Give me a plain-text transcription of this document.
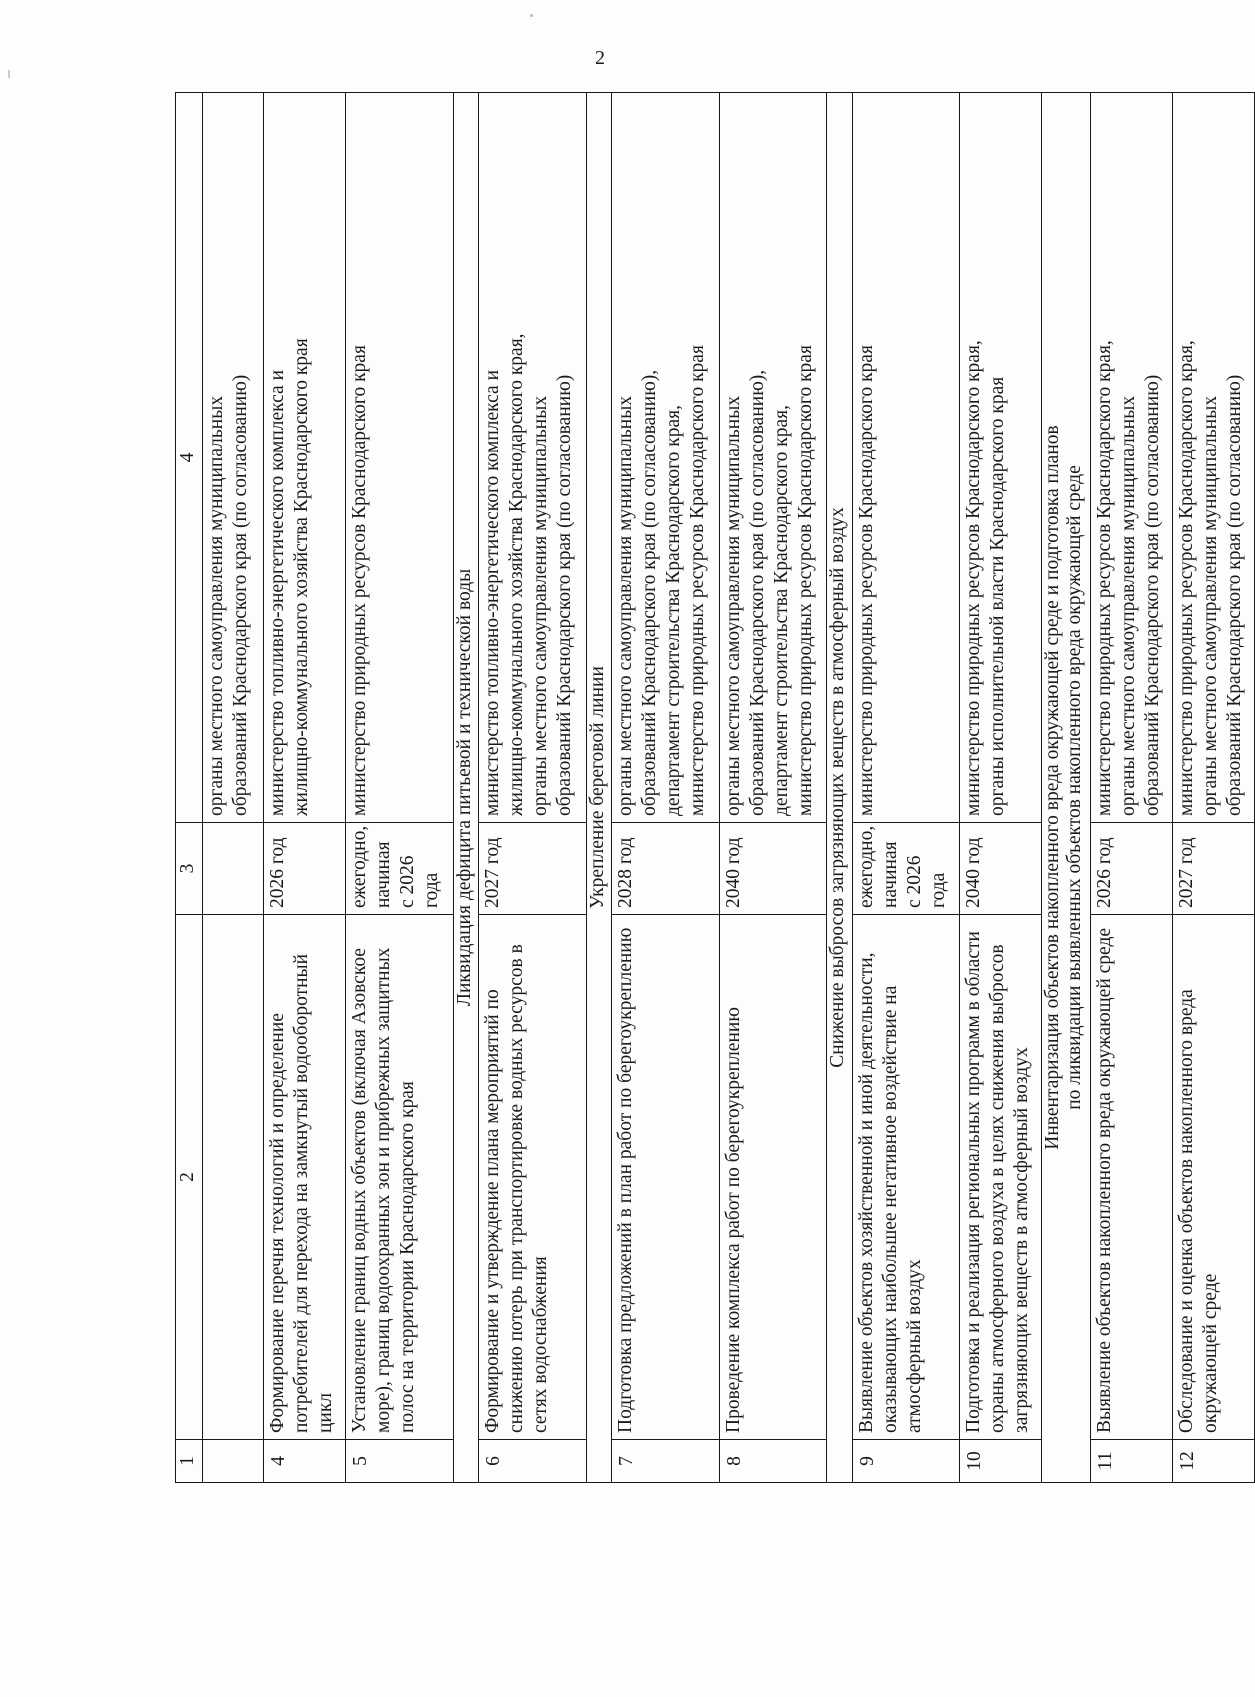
2
1	2	3	4

			органы местного самоуправления муниципальных образований Краснодарского края (по согласованию)

4	Формирование перечня технологий и определение потребителей для перехода на замкнутый водооборотный цикл	2026 год	министерство топливно-энергетического комплекса и жилищно-коммунального хозяйства Краснодарского края

5	Установление границ водных объектов (включая Азовское море), границ водоохранных зон и прибрежных защитных полос на территории Краснодарского края	ежегодно, начиная с 2026 года	министерство природных ресурсов Краснодарского края

Ликвидация дефицита питьевой и технической воды			

6	Формирование и утверждение плана мероприятий по снижению потерь при транспортировке водных ресурсов в сетях водоснабжения	2027 год	министерство топливно-энергетического комплекса и жилищно-коммунального хозяйства Краснодарского края, органы местного самоуправления муниципальных образований Краснодарского края (по согласованию)

Укрепление береговой линии			

7	Подготовка предложений в план работ по берегоукреплению	2028 год	органы местного самоуправления муниципальных образований Краснодарского края (по согласованию), департамент строительства Краснодарского края, министерство природных ресурсов Краснодарского края

8	Проведение комплекса работ по берегоукреплению	2040 год	органы местного самоуправления муниципальных образований Краснодарского края (по согласованию), департамент строительства Краснодарского края, министерство природных ресурсов Краснодарского края

Снижение выбросов загрязняющих веществ в атмосферный воздух			

9	Выявление объектов хозяйственной и иной деятельности, оказывающих наибольшее негативное воздействие на атмосферный воздух	ежегодно, начиная с 2026 года	министерство природных ресурсов Краснодарского края

10	Подготовка и реализация региональных программ в области охраны атмосферного воздуха в целях снижения выбросов загрязняющих веществ в атмосферный воздух	2040 год	министерство природных ресурсов Краснодарского края, органы исполнительной власти Краснодарского края

Инвентаризация объектов накопленного вреда окружающей среде и подготовка планов по ликвидации выявленных объектов накопленного вреда окружающей среде			

11	Выявление объектов накопленного вреда окружающей среде	2026 год	министерство природных ресурсов Краснодарского края, органы местного самоуправления муниципальных образований Краснодарского края (по согласованию)

12	Обследование и оценка объектов накопленного вреда окружающей среде	2027 год	министерство природных ресурсов Краснодарского края, органы местного самоуправления муниципальных образований Краснодарского края (по согласованию)
